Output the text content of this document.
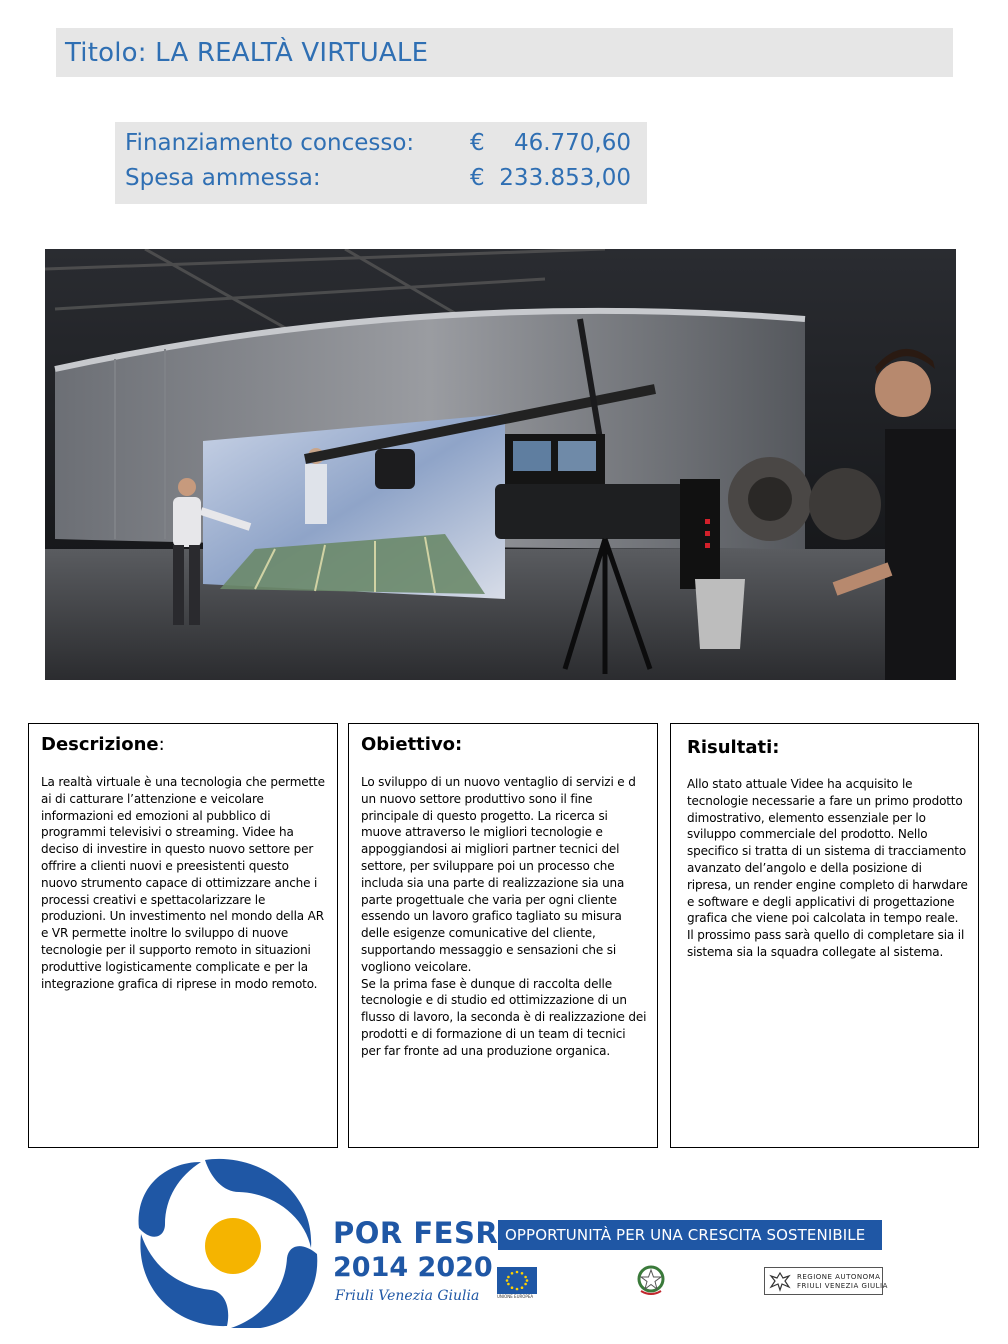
Titolo: LA REALTÀ VIRTUALE
Finanziamento concesso: € 46.770,60
Spesa ammessa:	€ 233.853,00
Descrizione:

La realtà virtuale è una tecnologia che permette ai di catturare l’attenzione e veicolare informazioni ed emozioni al pubblico di programmi televisivi o streaming. Videe ha deciso di investire in questo nuovo settore per offrire a clienti nuovi e preesistenti questo nuovo strumento capace di ottimizzare anche i processi creativi e spettacolarizzare le produzioni. Un investimento nel mondo della AR e VR permette inoltre lo sviluppo di nuove tecnologie per il supporto remoto in situazioni produttive logisticamente complicate e per la integrazione grafica di riprese in modo remoto.

Obiettivo:

Lo sviluppo di un nuovo ventaglio di servizi e d un nuovo settore produttivo sono il fine principale di questo progetto. La ricerca si muove attraverso le migliori tecnologie e appoggiandosi ai migliori partner tecnici del settore, per sviluppare poi un processo che includa sia una parte di realizzazione sia una parte progettuale che varia per ogni cliente essendo un lavoro grafico tagliato su misura delle esigenze comunicative del cliente, supportando messaggio e sensazioni che si vogliono veicolare.
Se la prima fase è dunque di raccolta delle tecnologie e di studio ed ottimizzazione di un flusso di lavoro, la seconda è di realizzazione dei prodotti e di formazione di un team di tecnici per far fronte ad una produzione organica.

Risultati:

Allo stato attuale Videe ha acquisito le tecnologie necessarie a fare un primo prodotto dimostrativo, elemento essenziale per lo sviluppo commerciale del prodotto. Nello specifico si tratta di un sistema di tracciamento avanzato del’angolo e della posizione di ripresa, un render engine completo di harwdare e software e degli applicativi di progettazione grafica che viene poi calcolata in tempo reale.
Il prossimo pass sarà quello di completare sia il sistema sia la squadra collegate al sistema.

POR FESR
2014 2020
Friuli Venezia Giulia
OPPORTUNITÀ PER UNA CRESCITA SOSTENIBILE
UNIONE EUROPEA
REGIONE AUTONOMA
FRIULI VENEZIA GIULIA
